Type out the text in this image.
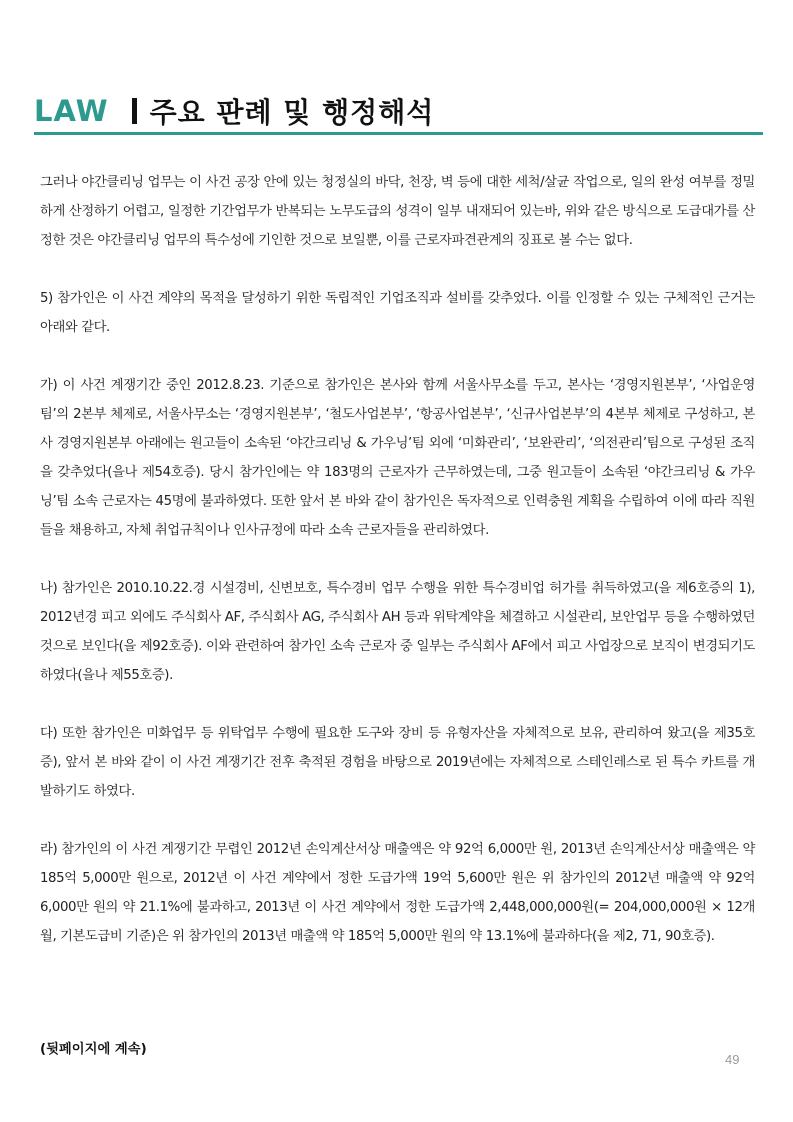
LAW 주요 판례 및 행정해석

그러나 야간클리닝 업무는 이 사건 공장 안에 있는 청정실의 바닥, 천장, 벽 등에 대한 세척/살균 작업으로, 일의 완성 여부를 정밀하게 산정하기 어렵고, 일정한 기간업무가 반복되는 노무도급의 성격이 일부 내재되어 있는바, 위와 같은 방식으로 도급대가를 산정한 것은 야간클리닝 업무의 특수성에 기인한 것으로 보일뿐, 이를 근로자파견관계의 징표로 볼 수는 없다.

5) 참가인은 이 사건 계약의 목적을 달성하기 위한 독립적인 기업조직과 설비를 갖추었다. 이를 인정할 수 있는 구체적인 근거는 아래와 같다.

가) 이 사건 계쟁기간 중인 2012.8.23. 기준으로 참가인은 본사와 함께 서울사무소를 두고, 본사는 ‘경영지원본부’, ‘사업운영팀’의 2본부 체제로, 서울사무소는 ‘경영지원본부’, ‘철도사업본부’, ‘항공사업본부’, ‘신규사업본부’의 4본부 체제로 구성하고, 본사 경영지원본부 아래에는 원고들이 소속된 ‘야간크리닝 & 가우닝’팀 외에 ‘미화관리’, ‘보완관리’, ‘의전관리’팀으로 구성된 조직을 갖추었다(을나 제54호증). 당시 참가인에는 약 183명의 근로자가 근무하였는데, 그중 원고들이 소속된 ‘야간크리닝 & 가우닝’팀 소속 근로자는 45명에 불과하였다. 또한 앞서 본 바와 같이 참가인은 독자적으로 인력충원 계획을 수립하여 이에 따라 직원들을 채용하고, 자체 취업규칙이나 인사규정에 따라 소속 근로자들을 관리하였다.

나) 참가인은 2010.10.22.경 시설경비, 신변보호, 특수경비 업무 수행을 위한 특수경비업 허가를 취득하였고(을 제6호증의 1), 2012년경 피고 외에도 주식회사 AF, 주식회사 AG, 주식회사 AH 등과 위탁계약을 체결하고 시설관리, 보안업무 등을 수행하였던 것으로 보인다(을 제92호증). 이와 관련하여 참가인 소속 근로자 중 일부는 주식회사 AF에서 피고 사업장으로 보직이 변경되기도 하였다(을나 제55호증).

다) 또한 참가인은 미화업무 등 위탁업무 수행에 필요한 도구와 장비 등 유형자산을 자체적으로 보유, 관리하여 왔고(을 제35호증), 앞서 본 바와 같이 이 사건 계쟁기간 전후 축적된 경험을 바탕으로 2019년에는 자체적으로 스테인레스로 된 특수 카트를 개발하기도 하였다.

라) 참가인의 이 사건 계쟁기간 무렵인 2012년 손익계산서상 매출액은 약 92억 6,000만 원, 2013년 손익계산서상 매출액은 약 185억 5,000만 원으로, 2012년 이 사건 계약에서 정한 도급가액 19억 5,600만 원은 위 참가인의 2012년 매출액 약 92억 6,000만 원의 약 21.1%에 불과하고, 2013년 이 사건 계약에서 정한 도급가액 2,448,000,000원(= 204,000,000원 × 12개월, 기본도급비 기준)은 위 참가인의 2013년 매출액 약 185억 5,000만 원의 약 13.1%에 불과하다(을 제2, 71, 90호증).

(뒷페이지에 계속)

49
